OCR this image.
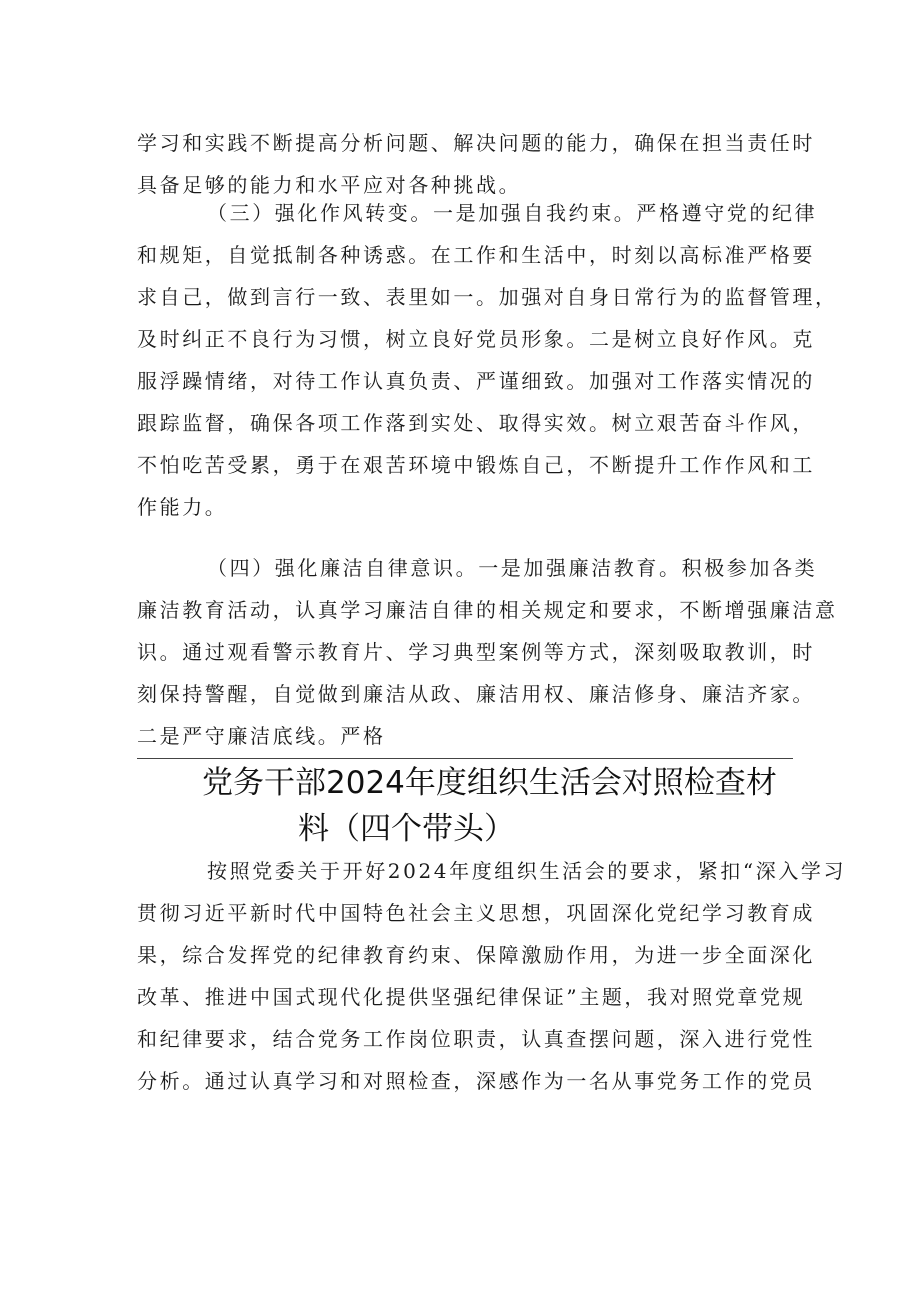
学习和实践不断提高分析问题、解决问题的能力，确保在担当责任时
具备足够的能力和水平应对各种挑战。
（三）强化作风转变。一是加强自我约束。严格遵守党的纪律
和规矩，自觉抵制各种诱惑。在工作和生活中，时刻以高标准严格要
求自己，做到言行一致、表里如一。加强对自身日常行为的监督管理，
及时纠正不良行为习惯，树立良好党员形象。二是树立良好作风。克
服浮躁情绪，对待工作认真负责、严谨细致。加强对工作落实情况的
跟踪监督，确保各项工作落到实处、取得实效。树立艰苦奋斗作风，
不怕吃苦受累，勇于在艰苦环境中锻炼自己，不断提升工作作风和工
作能力。
（四）强化廉洁自律意识。一是加强廉洁教育。积极参加各类
廉洁教育活动，认真学习廉洁自律的相关规定和要求，不断增强廉洁意
识。通过观看警示教育片、学习典型案例等方式，深刻吸取教训，时
刻保持警醒，自觉做到廉洁从政、廉洁用权、廉洁修身、廉洁齐家。
二是严守廉洁底线。严格
党务干部2024年度组织生活会对照检查材
料（四个带头）
按照党委关于开好2024年度组织生活会的要求，紧扣“深入学习
贯彻习近平新时代中国特色社会主义思想，巩固深化党纪学习教育成
果，综合发挥党的纪律教育约束、保障激励作用，为进一步全面深化
改革、推进中国式现代化提供坚强纪律保证”主题，我对照党章党规
和纪律要求，结合党务工作岗位职责，认真查摆问题，深入进行党性
分析。通过认真学习和对照检查，深感作为一名从事党务工作的党员
